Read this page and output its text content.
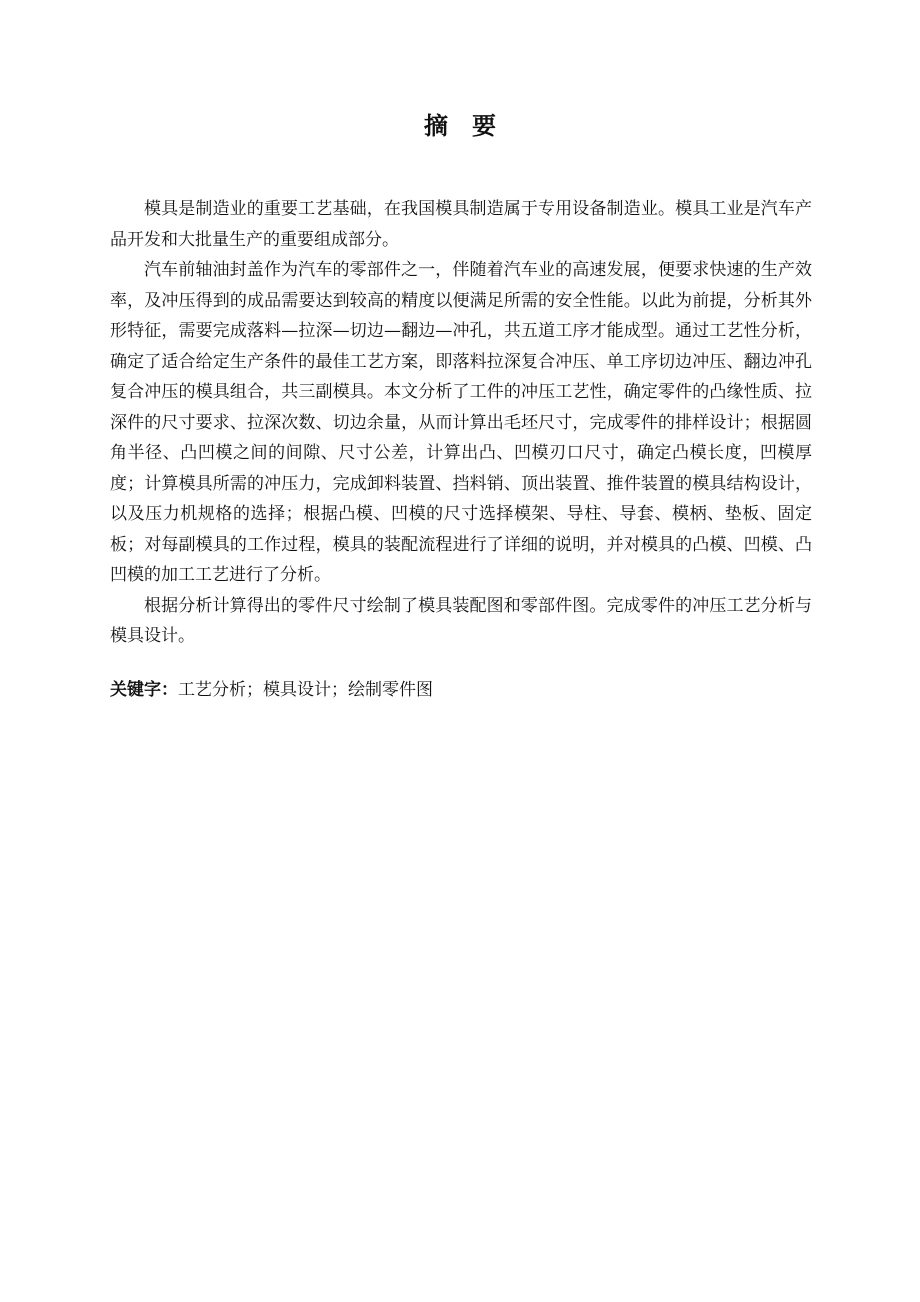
摘 要

模具是制造业的重要工艺基础，在我国模具制造属于专用设备制造业。模具工业是汽车产品开发和大批量生产的重要组成部分。

汽车前轴油封盖作为汽车的零部件之一，伴随着汽车业的高速发展，便要求快速的生产效率，及冲压得到的成品需要达到较高的精度以便满足所需的安全性能。以此为前提，分析其外形特征，需要完成落料—拉深—切边—翻边—冲孔，共五道工序才能成型。通过工艺性分析，确定了适合给定生产条件的最佳工艺方案，即落料拉深复合冲压、单工序切边冲压、翻边冲孔复合冲压的模具组合，共三副模具。本文分析了工件的冲压工艺性，确定零件的凸缘性质、拉深件的尺寸要求、拉深次数、切边余量，从而计算出毛坯尺寸，完成零件的排样设计；根据圆角半径、凸凹模之间的间隙、尺寸公差，计算出凸、凹模刃口尺寸，确定凸模长度，凹模厚度；计算模具所需的冲压力，完成卸料装置、挡料销、顶出装置、推件装置的模具结构设计，以及压力机规格的选择；根据凸模、凹模的尺寸选择模架、导柱、导套、模柄、垫板、固定板；对每副模具的工作过程，模具的装配流程进行了详细的说明，并对模具的凸模、凹模、凸凹模的加工工艺进行了分析。

根据分析计算得出的零件尺寸绘制了模具装配图和零部件图。完成零件的冲压工艺分析与模具设计。

关键字：工艺分析；模具设计；绘制零件图
